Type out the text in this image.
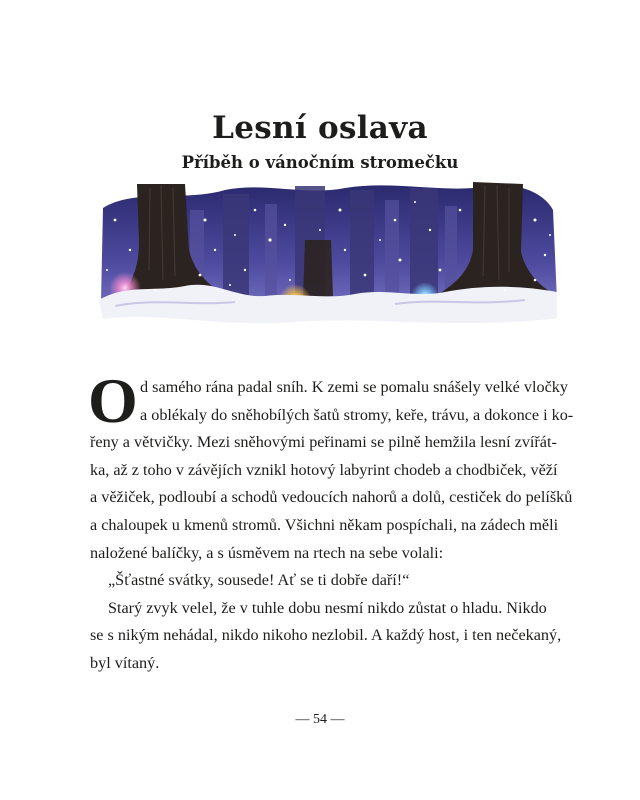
Lesní oslava
Příběh o vánočním stromečku
O d samého rána padal sníh. K zemi se pomalu snášely velké vločky
a oblékaly do sněhobílých šatů stromy, keře, trávu, a dokonce i ko-
řeny a větvičky. Mezi sněhovými peřinami se pilně hemžila lesní zvířát-
ka, až z toho v závějích vznikl hotový labyrint chodeb a chodbiček, věží
a věžiček, podloubí a schodů vedoucích nahorů a dolů, cestiček do pelíšků
a chaloupek u kmenů stromů. Všichni někam pospíchali, na zádech měli
naložené balíčky, a s úsměvem na rtech na sebe volali:
„Šťastné svátky, sousede! Ať se ti dobře daří!“
Starý zvyk velel, že v tuhle dobu nesmí nikdo zůstat o hladu. Nikdo
se s nikým nehádal, nikdo nikoho nezlobil. A každý host, i ten nečekaný,
byl vítaný.
— 54 —
